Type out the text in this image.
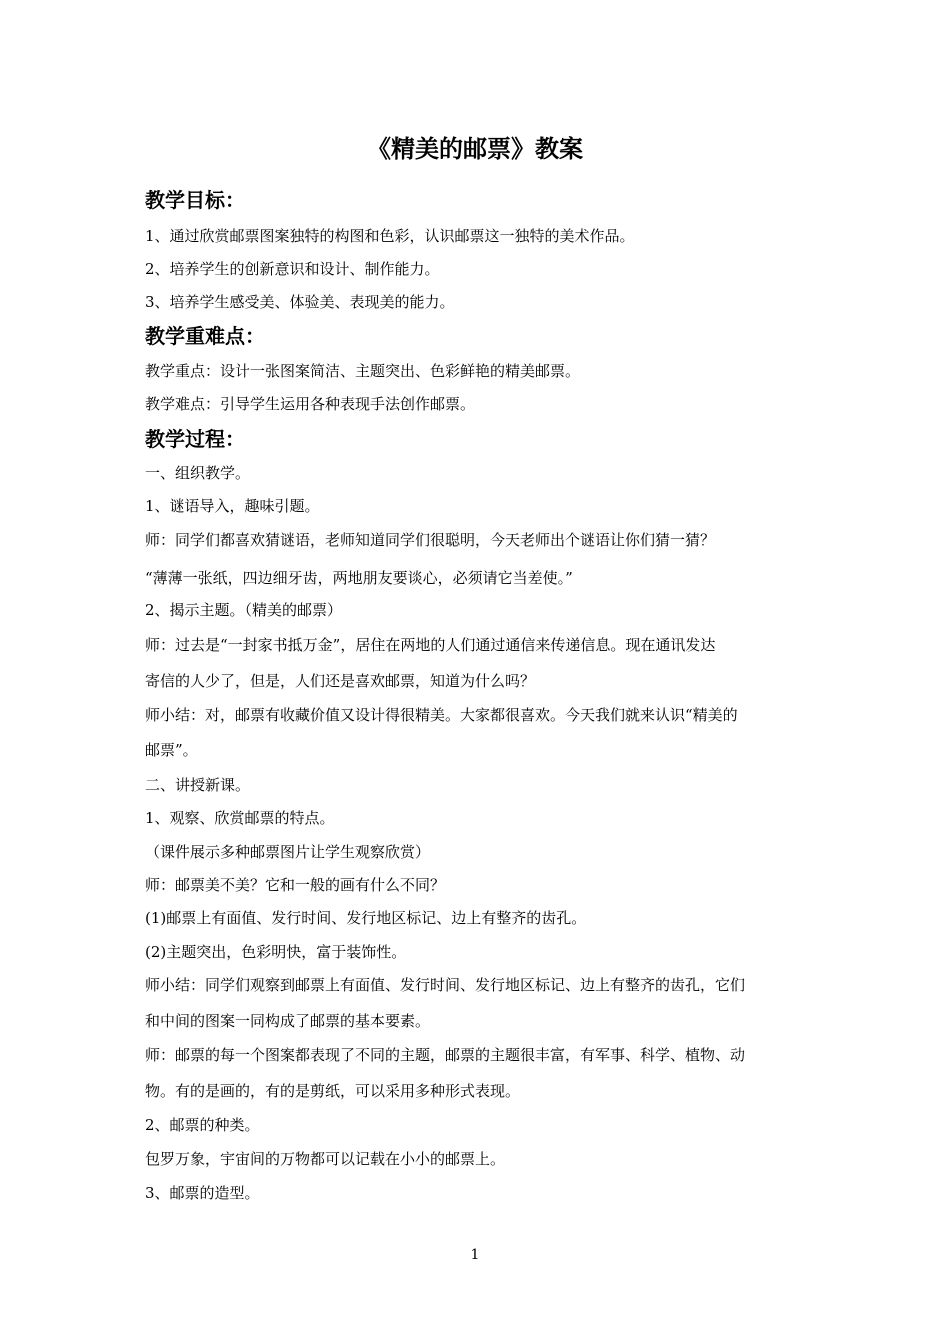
《精美的邮票》教案
教学目标：
1、通过欣赏邮票图案独特的构图和色彩，认识邮票这一独特的美术作品。
2、培养学生的创新意识和设计、制作能力。
3、培养学生感受美、体验美、表现美的能力。
教学重难点：
教学重点：设计一张图案简洁、主题突出、色彩鲜艳的精美邮票。
教学难点：引导学生运用各种表现手法创作邮票。
教学过程：
一、组织教学。
1、谜语导入，趣味引题。
师：同学们都喜欢猜谜语，老师知道同学们很聪明，今天老师出个谜语让你们猜一猜？
“薄薄一张纸，四边细牙齿，两地朋友要谈心，必须请它当差使。”
2、揭示主题。（精美的邮票）
师：过去是“一封家书抵万金”，居住在两地的人们通过通信来传递信息。现在通讯发达
寄信的人少了，但是，人们还是喜欢邮票，知道为什么吗？
师小结：对，邮票有收藏价值又设计得很精美。大家都很喜欢。今天我们就来认识“精美的
邮票”。
二、讲授新课。
1、观察、欣赏邮票的特点。
（课件展示多种邮票图片让学生观察欣赏）
师：邮票美不美？它和一般的画有什么不同？
(1)邮票上有面值、发行时间、发行地区标记、边上有整齐的齿孔。
(2)主题突出，色彩明快，富于装饰性。
师小结：同学们观察到邮票上有面值、发行时间、发行地区标记、边上有整齐的齿孔，它们
和中间的图案一同构成了邮票的基本要素。
师：邮票的每一个图案都表现了不同的主题，邮票的主题很丰富，有军事、科学、植物、动
物。有的是画的，有的是剪纸，可以采用多种形式表现。
2、邮票的种类。
包罗万象，宇宙间的万物都可以记载在小小的邮票上。
3、邮票的造型。
1
